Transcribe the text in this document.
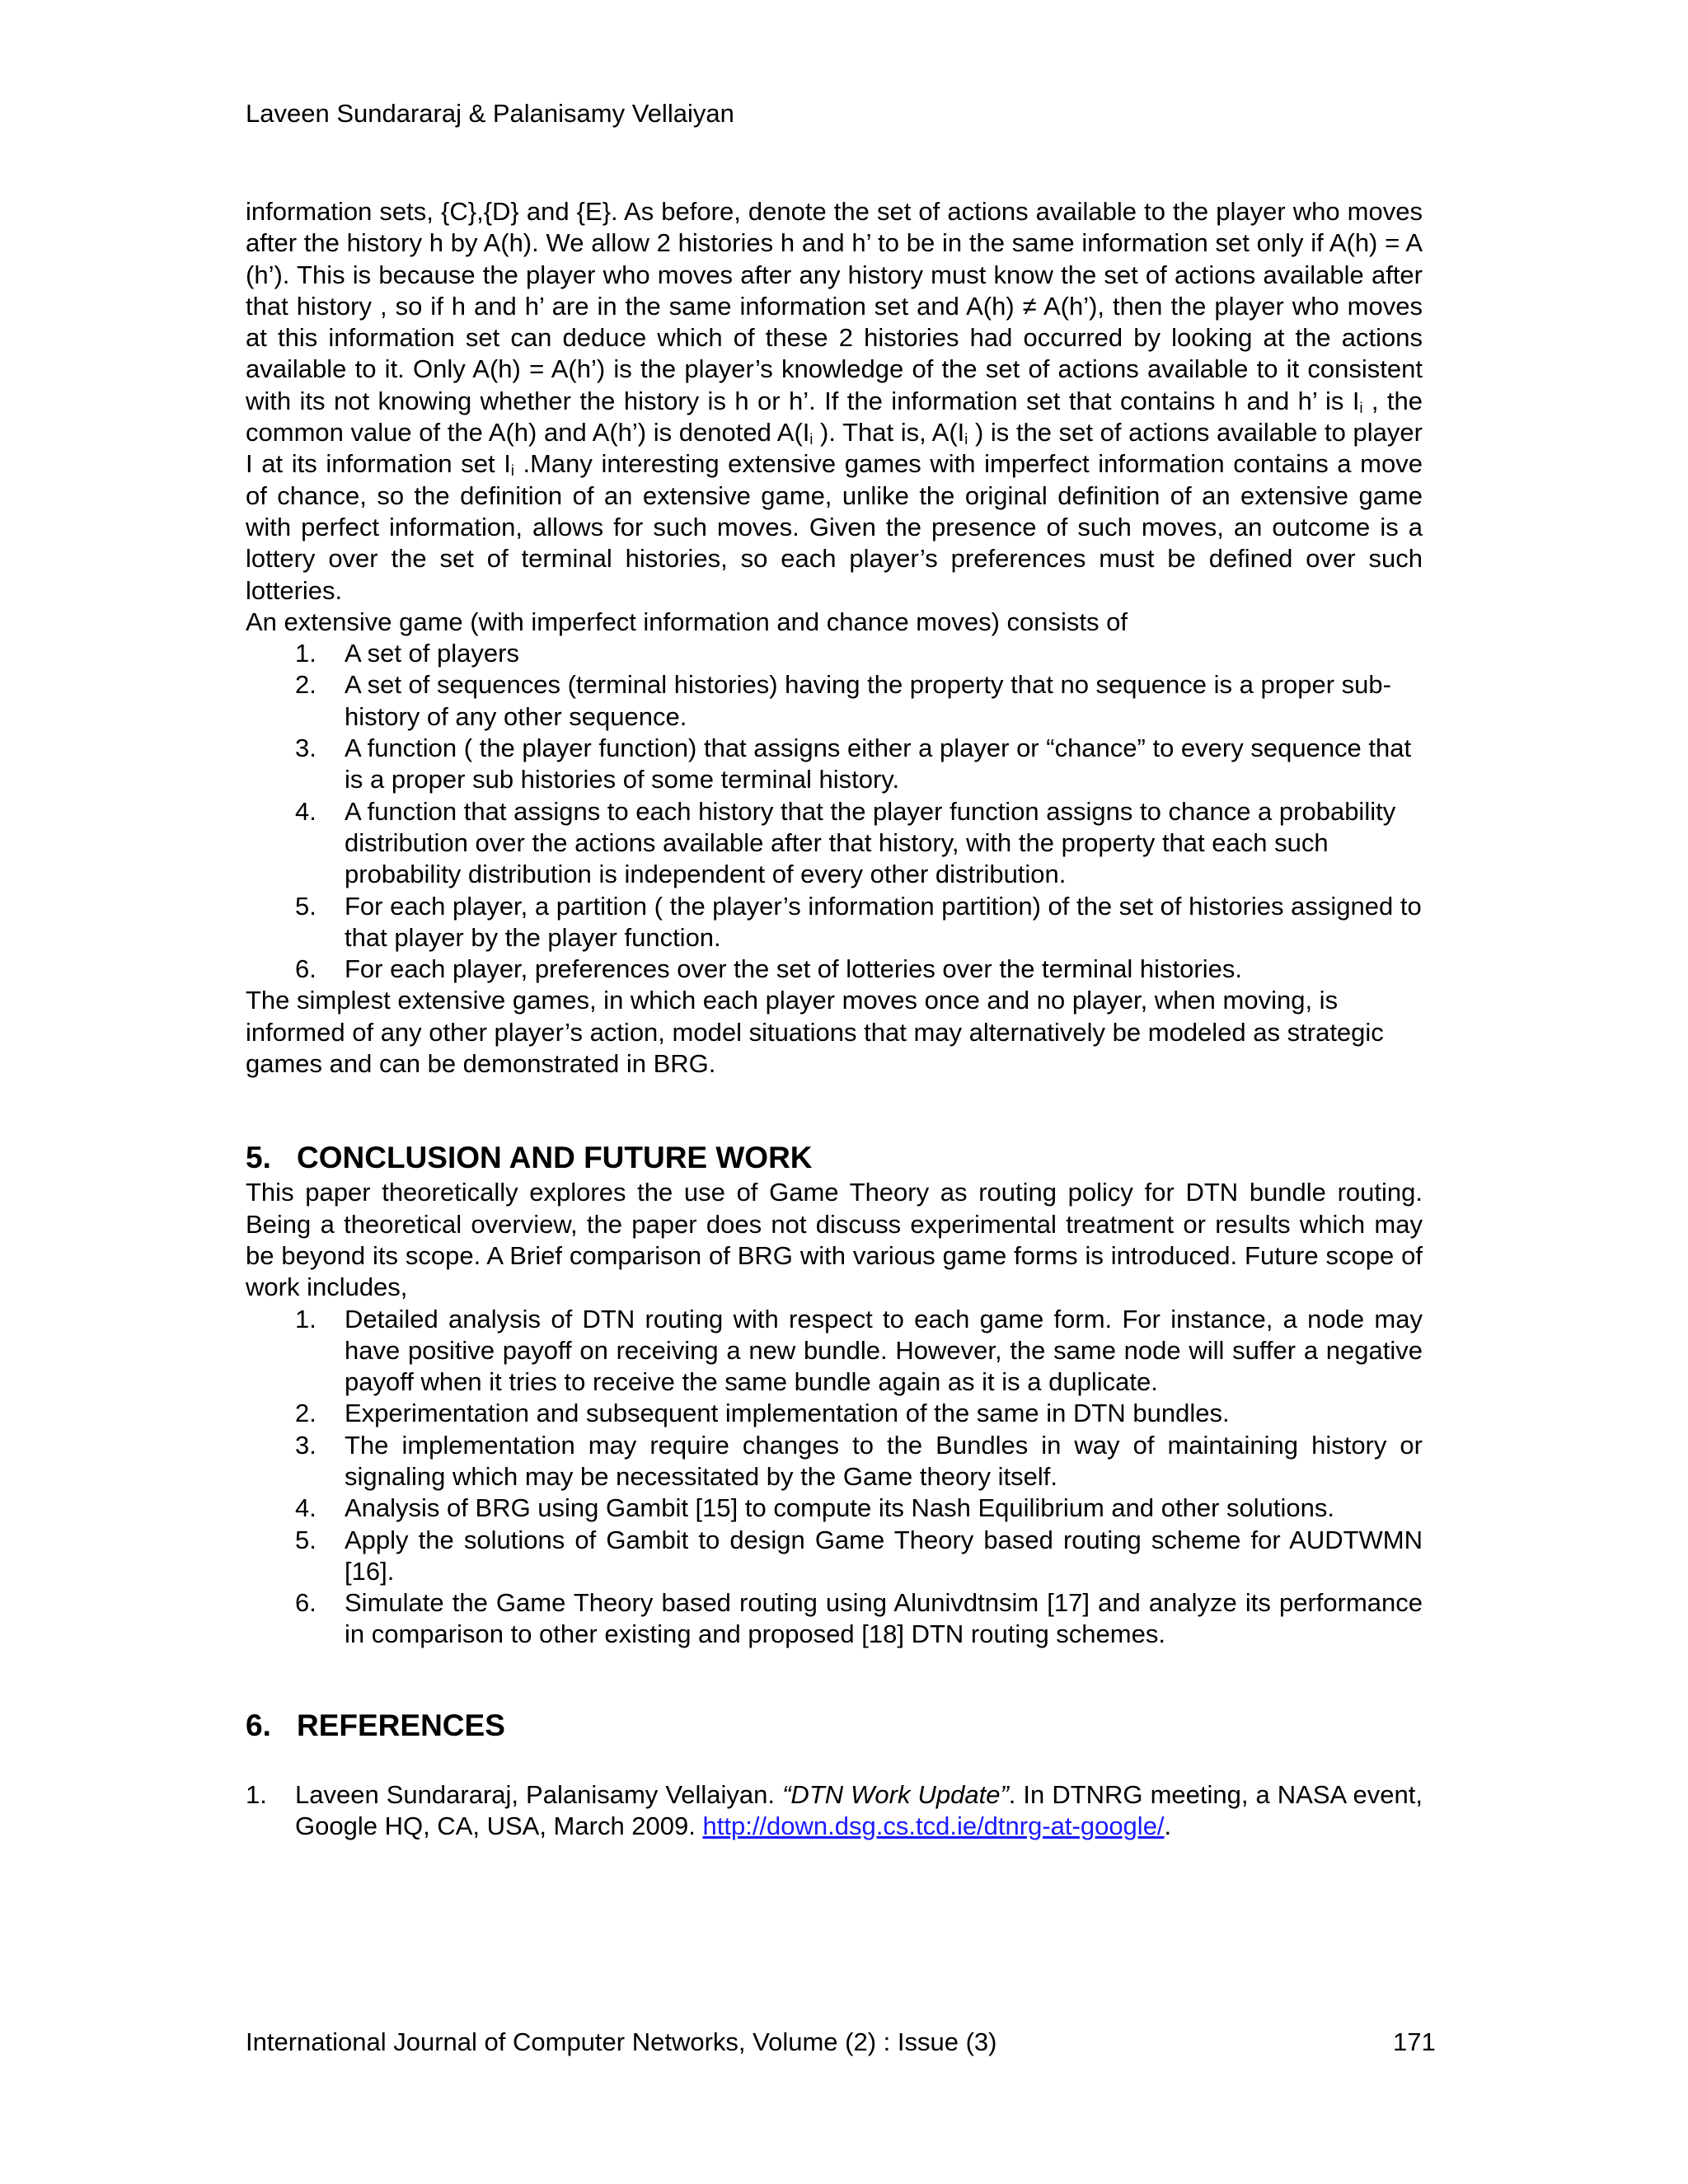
Laveen Sundararaj & Palanisamy Vellaiyan

information sets, {C},{D} and {E}. As before, denote the set of actions available to the player who moves after the history h by A(h). We allow 2 histories h and h’ to be in the same information set only if A(h) = A (h’). This is because the player who moves after any history must know the set of actions available after that history , so if h and h’ are in the same information set and A(h) ≠ A(h’), then the player who moves at this information set can deduce which of these 2 histories had occurred by looking at the actions available to it. Only A(h) = A(h’) is the player’s knowledge of the set of actions available to it consistent with its not knowing whether the history is h or h’. If the information set that contains h and h’ is $I_i$ , the common value of the A(h) and A(h’) is denoted $A(I_i$ ). That is, $A(I_i$ ) is the set of actions available to player I at its information set $I_i$ .Many interesting extensive games with imperfect information contains a move of chance, so the definition of an extensive game, unlike the original definition of an extensive game with perfect information, allows for such moves. Given the presence of such moves, an outcome is a lottery over the set of terminal histories, so each player’s preferences must be defined over such lotteries.

An extensive game (with imperfect information and chance moves) consists of

1. A set of players
2. A set of sequences (terminal histories) having the property that no sequence is a proper sub-history of any other sequence.
3. A function ( the player function) that assigns either a player or “chance” to every sequence that is a proper sub histories of some terminal history.
4. A function that assigns to each history that the player function assigns to chance a probability distribution over the actions available after that history, with the property that each such probability distribution is independent of every other distribution.
5. For each player, a partition ( the player’s information partition) of the set of histories assigned to that player by the player function.
6. For each player, preferences over the set of lotteries over the terminal histories.

The simplest extensive games, in which each player moves once and no player, when moving, is informed of any other player’s action, model situations that may alternatively be modeled as strategic games and can be demonstrated in BRG.

5. CONCLUSION AND FUTURE WORK

This paper theoretically explores the use of Game Theory as routing policy for DTN bundle routing. Being a theoretical overview, the paper does not discuss experimental treatment or results which may be beyond its scope. A Brief comparison of BRG with various game forms is introduced. Future scope of work includes,

1. Detailed analysis of DTN routing with respect to each game form. For instance, a node may have positive payoff on receiving a new bundle. However, the same node will suffer a negative payoff when it tries to receive the same bundle again as it is a duplicate.
2. Experimentation and subsequent implementation of the same in DTN bundles.
3. The implementation may require changes to the Bundles in way of maintaining history or signaling which may be necessitated by the Game theory itself.
4. Analysis of BRG using Gambit [15] to compute its Nash Equilibrium and other solutions.
5. Apply the solutions of Gambit to design Game Theory based routing scheme for AUDTWMN [16].
6. Simulate the Game Theory based routing using Alunivdtnsim [17] and analyze its performance in comparison to other existing and proposed [18] DTN routing schemes.
6. REFERENCES
1. Laveen Sundararaj, Palanisamy Vellaiyan. “DTN Work Update”. In DTNRG meeting, a NASA event, Google HQ, CA, USA, March 2009. http://down.dsg.cs.tcd.ie/dtnrg-at-google/.
International Journal of Computer Networks, Volume (2) : Issue (3)	171
